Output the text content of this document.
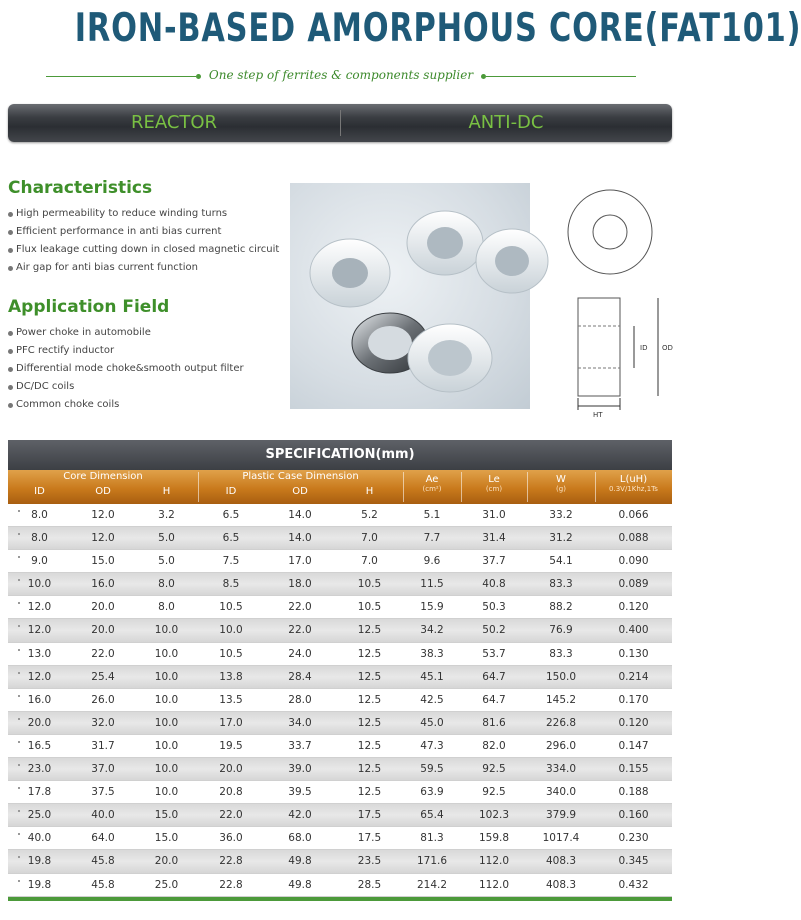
IRON-BASED AMORPHOUS CORE(FAT101)
One step of ferrites & components supplier
REACTOR	ANTI-DC
Characteristics
High permeability to reduce winding turns
Efficient performance in anti bias current
Flux leakage cutting down in closed magnetic circuit
Air gap for anti bias current function
Application Field
Power choke in automobile
PFC rectify inductor
Differential mode choke&smooth output filter
DC/DC coils
Common choke coils
ID OD
HT
SPECIFICATION(mm)
Core Dimension	Plastic Case Dimension
ID	OD	H	ID	OD	H
Ae
(cm²)
Le
(cm)
W
(g)
L(uH)
0.3V/1Khz,1Ts
8.0	12.0	3.2	6.5	14.0	5.2	5.1	31.0	33.2	0.066
8.0	12.0	5.0	6.5	14.0	7.0	7.7	31.4	31.2	0.088
9.0	15.0	5.0	7.5	17.0	7.0	9.6	37.7	54.1	0.090
10.0	16.0	8.0	8.5	18.0	10.5	11.5	40.8	83.3	0.089
12.0	20.0	8.0	10.5	22.0	10.5	15.9	50.3	88.2	0.120
12.0	20.0	10.0	10.0	22.0	12.5	34.2	50.2	76.9	0.400
13.0	22.0	10.0	10.5	24.0	12.5	38.3	53.7	83.3	0.130
12.0	25.4	10.0	13.8	28.4	12.5	45.1	64.7	150.0	0.214
16.0	26.0	10.0	13.5	28.0	12.5	42.5	64.7	145.2	0.170
20.0	32.0	10.0	17.0	34.0	12.5	45.0	81.6	226.8	0.120
16.5	31.7	10.0	19.5	33.7	12.5	47.3	82.0	296.0	0.147
23.0	37.0	10.0	20.0	39.0	12.5	59.5	92.5	334.0	0.155
17.8	37.5	10.0	20.8	39.5	12.5	63.9	92.5	340.0	0.188
25.0	40.0	15.0	22.0	42.0	17.5	65.4	102.3	379.9	0.160
40.0	64.0	15.0	36.0	68.0	17.5	81.3	159.8	1017.4	0.230
19.8	45.8	20.0	22.8	49.8	23.5	171.6	112.0	408.3	0.345
19.8	45.8	25.0	22.8	49.8	28.5	214.2	112.0	408.3	0.432
